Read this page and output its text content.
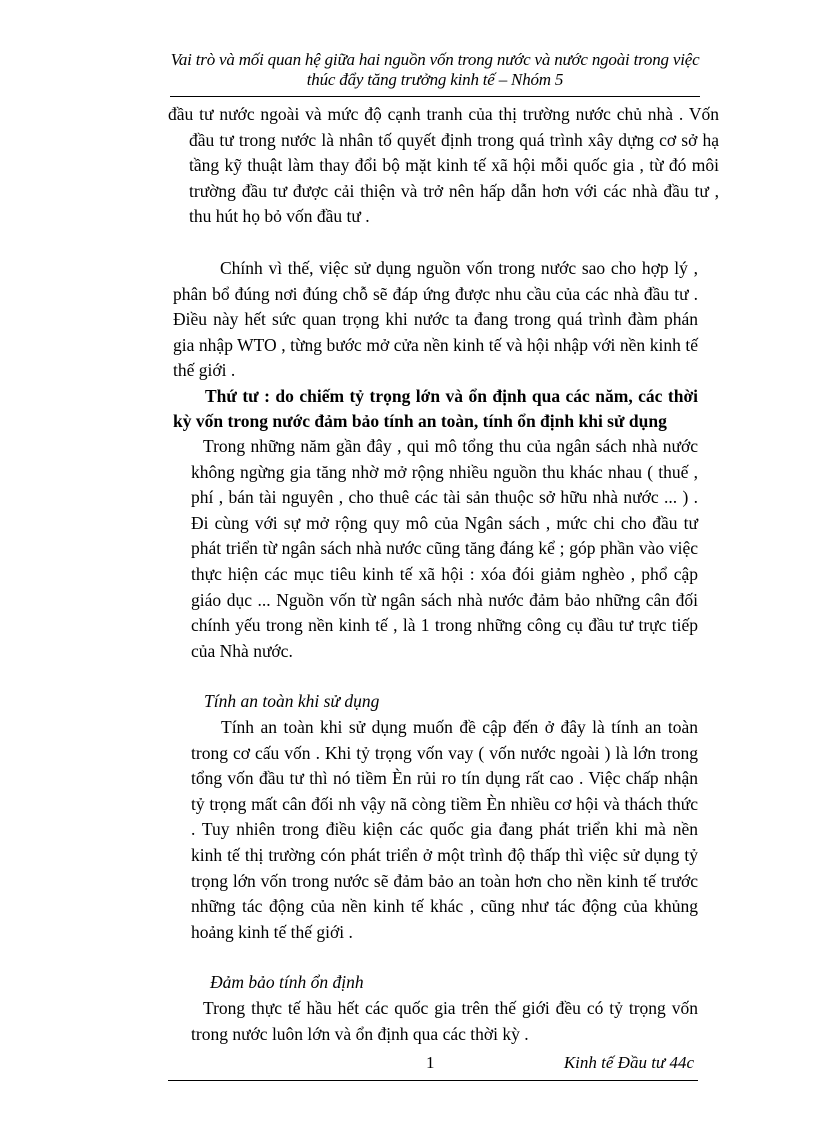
Vai trò và mối quan hệ giữa hai nguồn vốn trong nước và nước ngoài trong việc thúc đẩy tăng trưởng kinh tế – Nhóm 5
đầu tư nước ngoài và mức độ cạnh tranh của thị trường nước chủ nhà . Vốn đầu tư trong nước là nhân tố quyết định trong quá trình xây dựng cơ sở hạ tầng kỹ thuật làm thay đổi bộ mặt kinh tế xã hội mỗi quốc gia , từ đó môi trường đầu tư được cải thiện và trở nên hấp dẫn hơn với các nhà đầu tư , thu hút họ bỏ vốn đầu tư .
Chính vì thế, việc sử dụng nguồn vốn trong nước sao cho hợp lý , phân bổ đúng nơi đúng chỗ sẽ đáp ứng được nhu cầu của các nhà đầu tư . Điều này hết sức quan trọng khi nước ta đang trong quá trình đàm phán gia nhập WTO , từng bước mở cửa nền kinh tế và hội nhập với nền kinh tế thế giới .
Thứ tư : do chiếm tỷ trọng lớn và ổn định qua các năm, các thời kỳ vốn trong nước đảm bảo tính an toàn, tính ổn định khi sử dụng
Trong những năm gần đây , qui mô tổng thu của ngân sách nhà nước không ngừng gia tăng nhờ mở rộng nhiều nguồn thu khác nhau ( thuế , phí , bán tài nguyên , cho thuê các tài sản thuộc sở hữu nhà nước ... ) . Đi cùng với sự mở rộng quy mô của Ngân sách , mức chi cho đầu tư phát triển từ ngân sách nhà nước cũng tăng đáng kể ; góp phần vào việc thực hiện các mục tiêu kinh tế xã hội : xóa đói giảm nghèo , phổ cập giáo dục ... Nguồn vốn từ ngân sách nhà nước đảm bảo những cân đối chính yếu trong nền kinh tế , là 1 trong những công cụ đầu tư trực tiếp của Nhà nước.
Tính an toàn khi sử dụng
Tính an toàn khi sử dụng muốn đề cập đến ở đây là tính an toàn trong cơ cấu vốn . Khi tỷ trọng vốn vay ( vốn nước ngoài ) là lớn trong tổng vốn đầu tư thì nó tiềm Èn rủi ro tín dụng rất cao . Việc chấp nhận tỷ trọng mất cân đối nh vậy nã còng tiềm Èn nhiều cơ hội và thách thức . Tuy nhiên trong điều kiện các quốc gia đang phát triển khi mà nền kinh tế thị trường cón phát triển ở một trình độ thấp thì việc sử dụng tỷ trọng lớn vốn trong nước sẽ đảm bảo an toàn hơn cho nền kinh tế trước những tác động của nền kinh tế khác , cũng như tác động của khủng hoảng kinh tế thế giới .
Đảm bảo tính ổn định
Trong thực tế hầu hết các quốc gia trên thế giới đều có tỷ trọng vốn trong nước luôn lớn và ổn định qua các thời kỳ .
1	Kinh tế Đầu tư 44c
